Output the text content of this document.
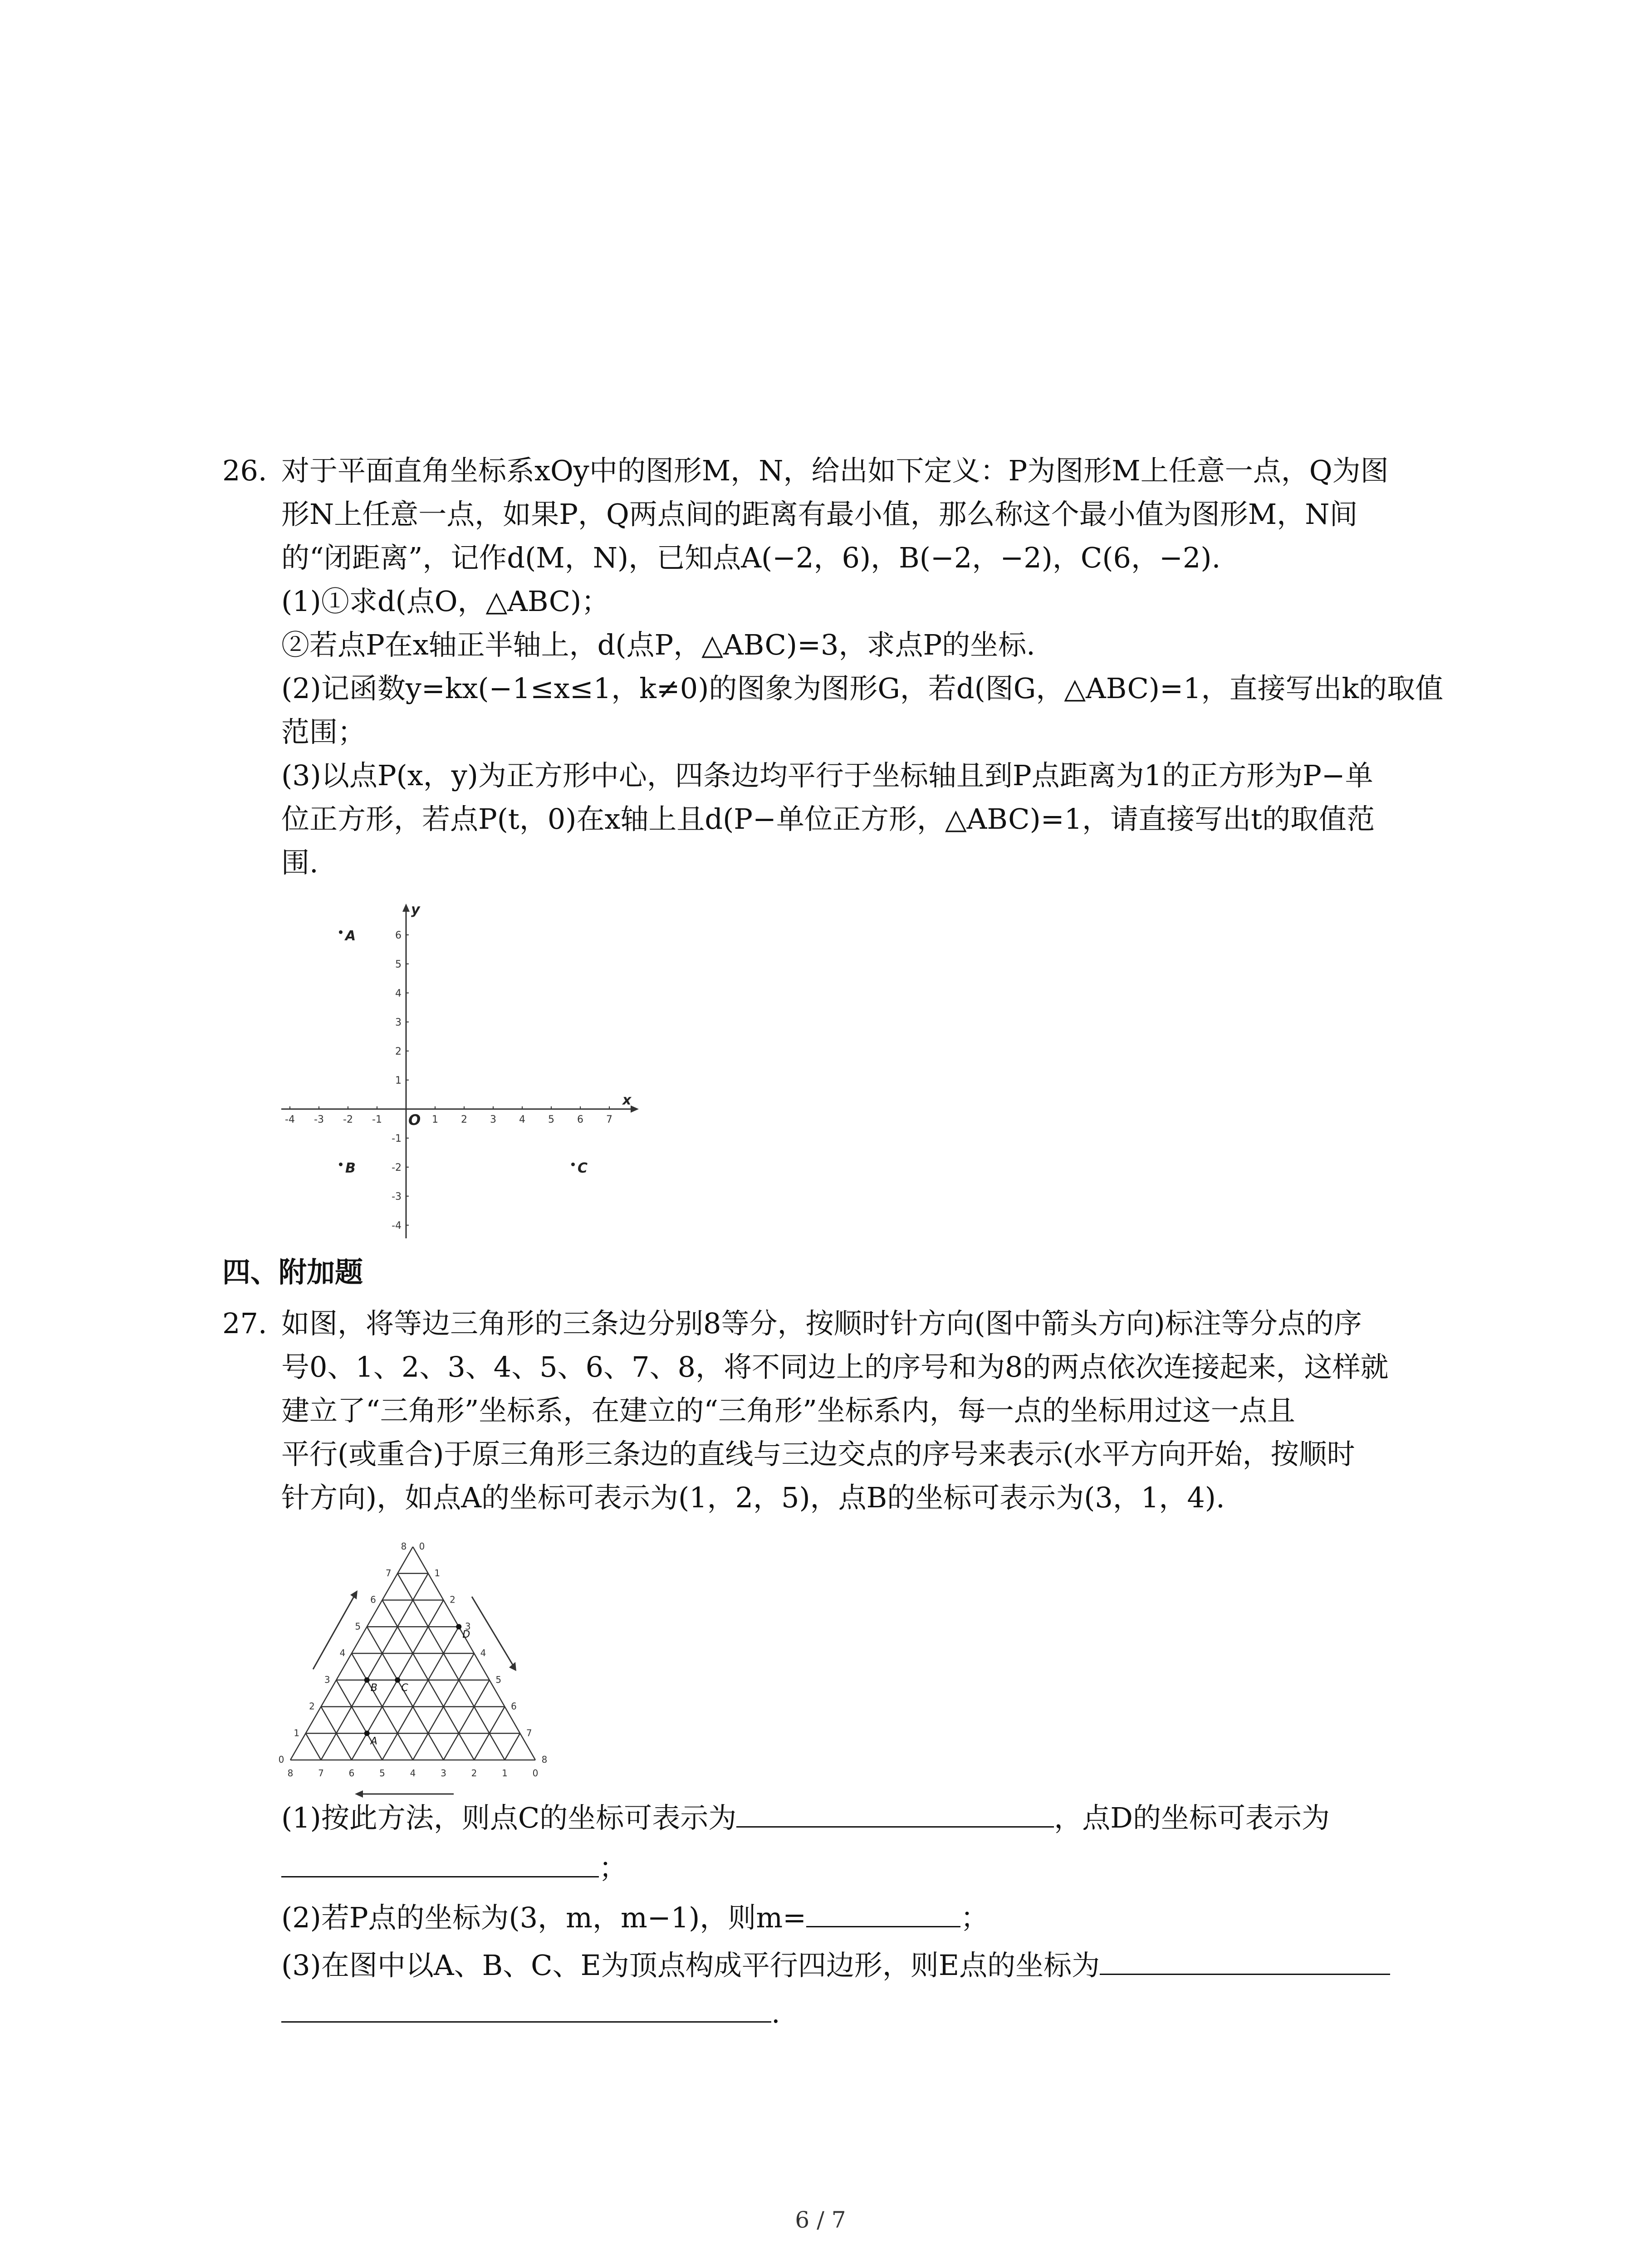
26. 对于平面直角坐标系xOy中的图形M，N，给出如下定义：P为图形M上任意一点，Q为图
形N上任意一点，如果P，Q两点间的距离有最小值，那么称这个最小值为图形M，N间
的“闭距离”，记作d(M，N)，已知点A(−2，6)，B(−2，−2)，C(6，−2).
(1)①求d(点O，△ABC)；
②若点P在x轴正半轴上，d(点P，△ABC)=3，求点P的坐标.
(2)记函数y=kx(−1≤x≤1，k≠0)的图象为图形G，若d(图G，△ABC)=1，直接写出k的取值
范围；
(3)以点P(x，y)为正方形中心，四条边均平行于坐标轴且到P点距离为1的正方形为P−单
位正方形，若点P(t，0)在x轴上且d(P−单位正方形，△ABC)=1，请直接写出t的取值范
围.
-4 -3 -2 -1	1 2 3 4 5 6 7
6
5
4
3
2
1
-1
-2
-3
-4
x
y
O
A
B	C
四、附加题
27. 如图，将等边三角形的三条边分别8等分，按顺时针方向(图中箭头方向)标注等分点的序
号0、1、2、3、4、5、6、7、8，将不同边上的序号和为8的两点依次连接起来，这样就
建立了“三角形”坐标系，在建立的“三角形”坐标系内，每一点的坐标用过这一点且
平行(或重合)于原三角形三条边的直线与三边交点的序号来表示(水平方向开始，按顺时
针方向)，如点A的坐标可表示为(1，2，5)，点B的坐标可表示为(3，1，4).
0
1
2
3
4
5
6
7
8 0
1
2
3
4
5
6
7
8
8	7	6	5	4	3	2	1	0
A
B C
D
(1)按此方法，则点C的坐标可表示为	，点D的坐标可表示为
；
(2)若P点的坐标为(3，m，m−1)，则m=	；
(3)在图中以A、B、C、E为顶点构成平行四边形，则E点的坐标为
.
6 / 7
